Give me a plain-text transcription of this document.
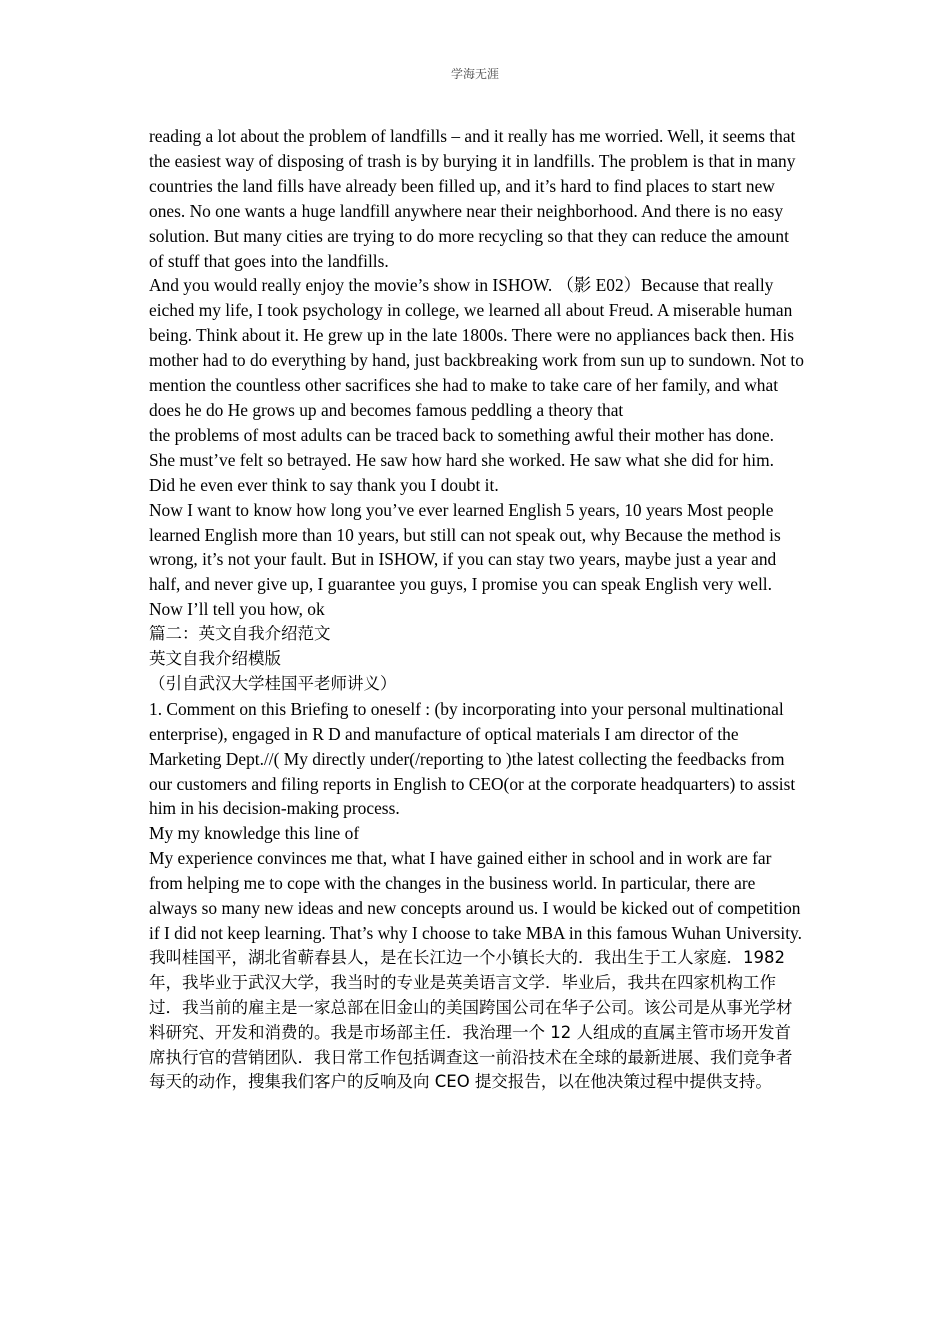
学海无涯

reading a lot about the problem of landfills – and it really has me worried. Well, it seems that the easiest way of disposing of trash is by burying it in landfills. The problem is that in many countries the land fills have already been filled up, and it’s hard to find places to start new ones. No one wants a huge landfill anywhere near their neighborhood. And there is no easy solution. But many cities are trying to do more recycling so that they can reduce the amount of stuff that goes into the landfills.

And you would really enjoy the movie’s show in ISHOW. （影 E02）Because that really eiched my life, I took psychology in college, we learned all about Freud. A miserable human being. Think about it. He grew up in the late 1800s. There were no appliances back then. His mother had to do everything by hand, just backbreaking work from sun up to sundown. Not to mention the countless other sacrifices she had to make to take care of her family, and what does he do He grows up and becomes famous peddling a theory that

the problems of most adults can be traced back to something awful their mother has done. She must’ve felt so betrayed. He saw how hard she worked. He saw what she did for him. Did he even ever think to say thank you I doubt it.

Now I want to know how long you’ve ever learned English 5 years, 10 years Most people learned English more than 10 years, but still can not speak out, why Because the method is wrong, it’s not your fault. But in ISHOW, if you can stay two years, maybe just a year and half, and never give up, I guarantee you guys, I promise you can speak English very well. Now I’ll tell you how, ok

篇二：英文自我介绍范文

英文自我介绍模版

（引自武汉大学桂国平老师讲义）

1. Comment on this Briefing to oneself : (by incorporating into your personal multinational enterprise), engaged in R D and manufacture of optical materials I am director of the Marketing Dept.//( My directly under(/reporting to )the latest collecting the feedbacks from our customers and filing reports in English to CEO(or at the corporate headquarters) to assist him in his decision-making process.

My my knowledge this line of

My experience convinces me that, what I have gained either in school and in work are far from helping me to cope with the changes in the business world. In particular, there are always so many new ideas and new concepts around us. I would be kicked out of competition if I did not keep learning. That’s why I choose to take MBA in this famous Wuhan University.

我叫桂国平，湖北省蕲春县人，是在长江边一个小镇长大的．我出生于工人家庭．1982 年，我毕业于武汉大学，我当时的专业是英美语言文学．毕业后，我共在四家机构工作过．我当前的雇主是一家总部在旧金山的美国跨国公司在华子公司。该公司是从事光学材料研究、开发和消费的。我是市场部主任．我治理一个 12 人组成的直属主管市场开发首席执行官的营销团队．我日常工作包括调查这一前沿技术在全球的最新进展、我们竞争者每天的动作，搜集我们客户的反响及向 CEO 提交报告，以在他决策过程中提供支持。
